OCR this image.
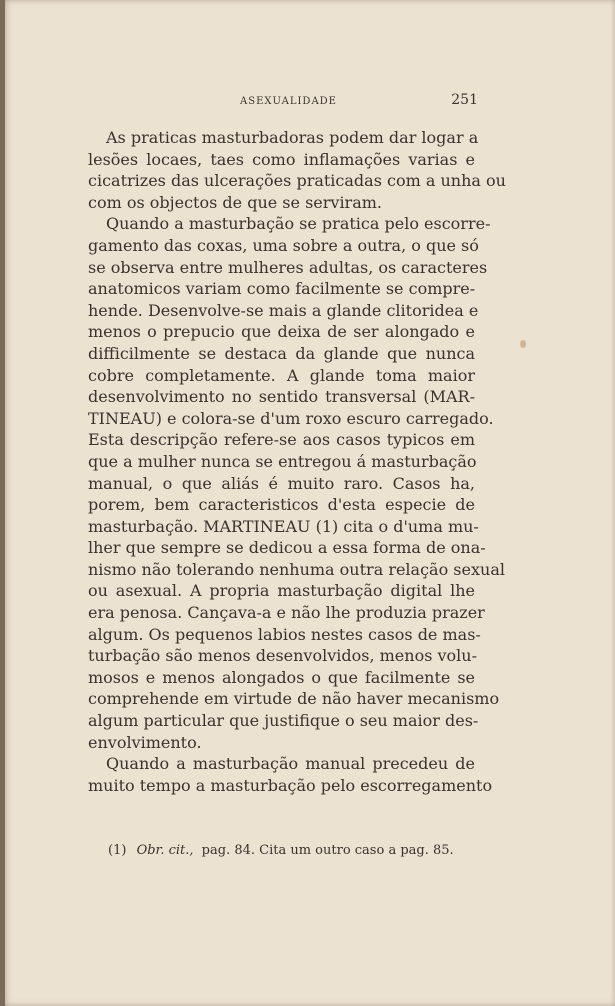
ASEXUALIDADE	251
As praticas masturbadoras podem dar logar a
lesões locaes, taes como inflamações varias e
cicatrizes das ulcerações praticadas com a unha ou
com os objectos de que se serviram.
Quando a masturbação se pratica pelo escorre-
gamento das coxas, uma sobre a outra, o que só
se observa entre mulheres adultas, os caracteres
anatomicos variam como facilmente se compre-
hende. Desenvolve-se mais a glande clitoridea e
menos o prepucio que deixa de ser alongado e
difficilmente se destaca da glande que nunca
cobre completamente. A glande toma maior
desenvolvimento no sentido transversal (MAR-
TINEAU) e colora-se d'um roxo escuro carregado.
Esta descripção refere-se aos casos typicos em
que a mulher nunca se entregou á masturbação
manual, o que aliás é muito raro. Casos ha,
porem, bem caracteristicos d'esta especie de
masturbação. MARTINEAU (1) cita o d'uma mu-
lher que sempre se dedicou a essa forma de ona-
nismo não tolerando nenhuma outra relação sexual
ou asexual. A propria masturbação digital lhe
era penosa. Cançava-a e não lhe produzia prazer
algum. Os pequenos labios nestes casos de mas-
turbação são menos desenvolvidos, menos volu-
mosos e menos alongados o que facilmente se
comprehende em virtude de não haver mecanismo
algum particular que justifique o seu maior des-
envolvimento.
Quando a masturbação manual precedeu de
muito tempo a masturbação pelo escorregamento
(1) Obr. cit., pag. 84. Cita um outro caso a pag. 85.
